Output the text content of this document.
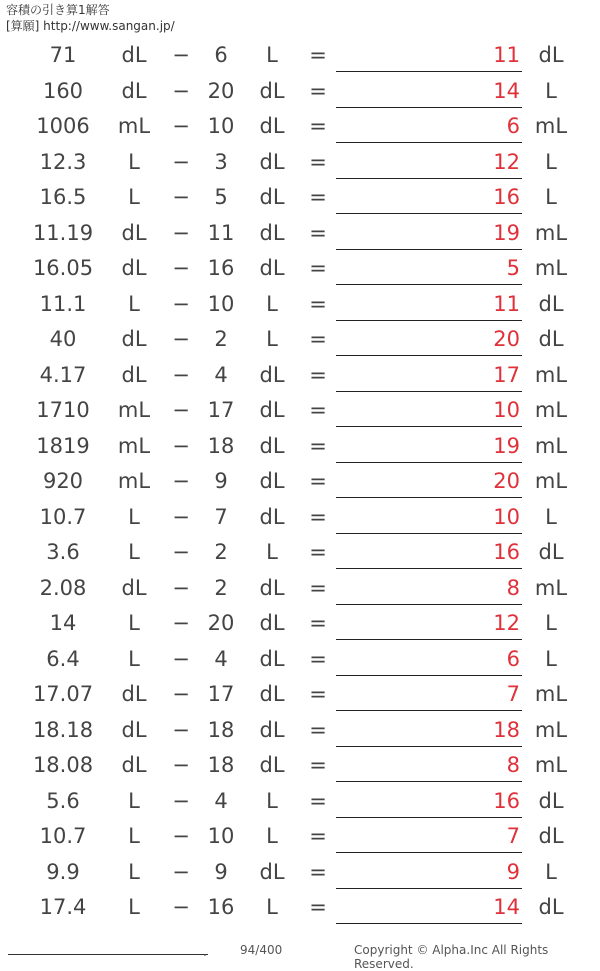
容積の引き算1解答
[算願] http://www.sangan.jp/
71	dL	−	6	L	=	11 dL
160	dL	− 20	dL	=	14	L
1006	mL	− 10	dL	=	6 mL
12.3	L	−	3	dL	=	12	L
16.5	L	−	5	dL	=	16	L
11.19	dL	− 11	dL	=	19 mL
16.05	dL	− 16	dL	=	5 mL
11.1	L	− 10	L	=	11 dL
40	dL	−	2	L	=	20 dL
4.17	dL	−	4	dL	=	17 mL
1710	mL	− 17	dL	=	10 mL
1819	mL	− 18	dL	=	19 mL
920	mL	−	9	dL	=	20 mL
10.7	L	−	7	dL	=	10	L
3.6	L	−	2	L	=	16 dL
2.08	dL	−	2	dL	=	8 mL
14	L	− 20	dL	=	12	L
6.4	L	−	4	dL	=	6	L
17.07	dL	− 17	dL	=	7 mL
18.18	dL	− 18	dL	=	18 mL
18.08	dL	− 18	dL	=	8 mL
5.6	L	−	4	L	=	16 dL
10.7	L	− 10	L	=	7 dL
9.9	L	−	9	dL	=	9	L
17.4	L	− 16	L	=	14 dL
.	94/400	Copyright © Alpha.Inc All Rights Reserved.
